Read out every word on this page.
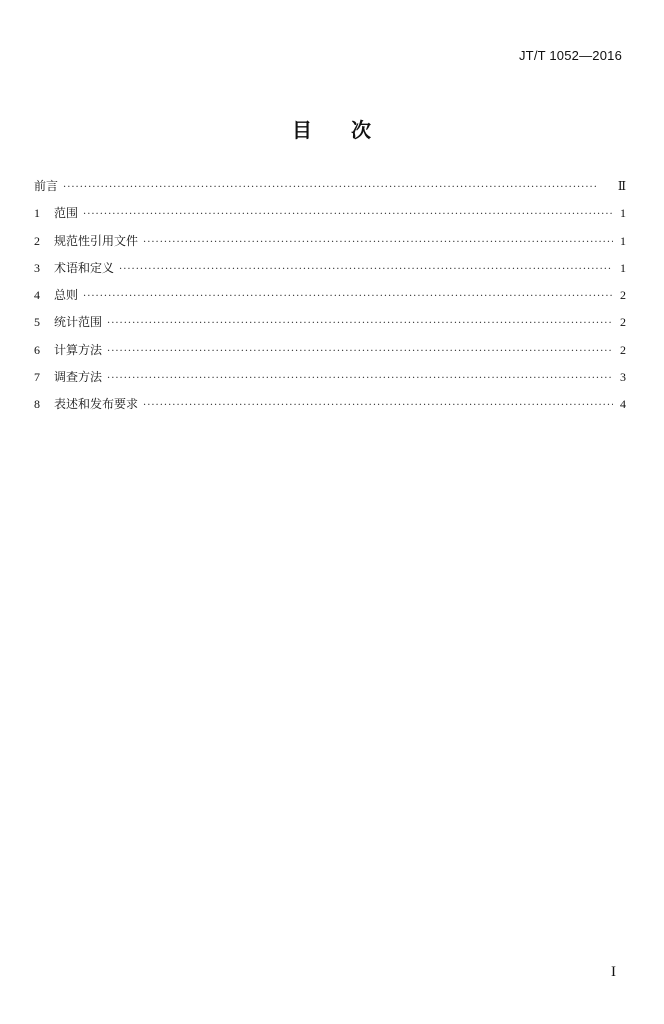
JT/T 1052—2016
目 次
前言 ·····	Ⅱ
1	范围 ·····	1
2	规范性引用文件 ·····	1
3	术语和定义 ·····	1
4	总则 ·····	2
5	统计范围 ·····	2
6	计算方法 ·····	2
7	调查方法 ·····	3
8	表述和发布要求 ·····	4
I
